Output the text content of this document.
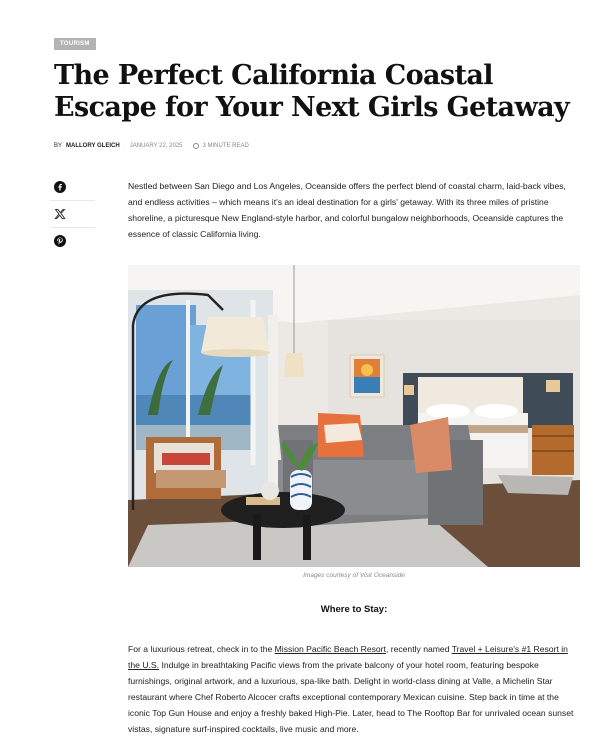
TOURISM
The Perfect California Coastal Escape for Your Next Girls Getaway
BY MALLORY GLEICH · JANUARY 22, 2025 · 3 MINUTE READ

Nestled between San Diego and Los Angeles, Oceanside offers the perfect blend of coastal charm, laid-back vibes, and endless activities – which means it's an ideal destination for a girls' getaway. With its three miles of pristine shoreline, a picturesque New England-style harbor, and colorful bungalow neighborhoods, Oceanside captures the essence of classic California living.

Images courtesy of Visit Oceanside
Where to Stay:

For a luxurious retreat, check in to the Mission Pacific Beach Resort, recently named Travel + Leisure's #1 Resort in the U.S. Indulge in breathtaking Pacific views from the private balcony of your hotel room, featuring bespoke furnishings, original artwork, and a luxurious, spa-like bath. Delight in world-class dining at Valle, a Michelin Star restaurant where Chef Roberto Alcocer crafts exceptional contemporary Mexican cuisine. Step back in time at the iconic Top Gun House and enjoy a freshly baked High-Pie. Later, head to The Rooftop Bar for unrivaled ocean sunset vistas, signature surf-inspired cocktails, live music and more.
